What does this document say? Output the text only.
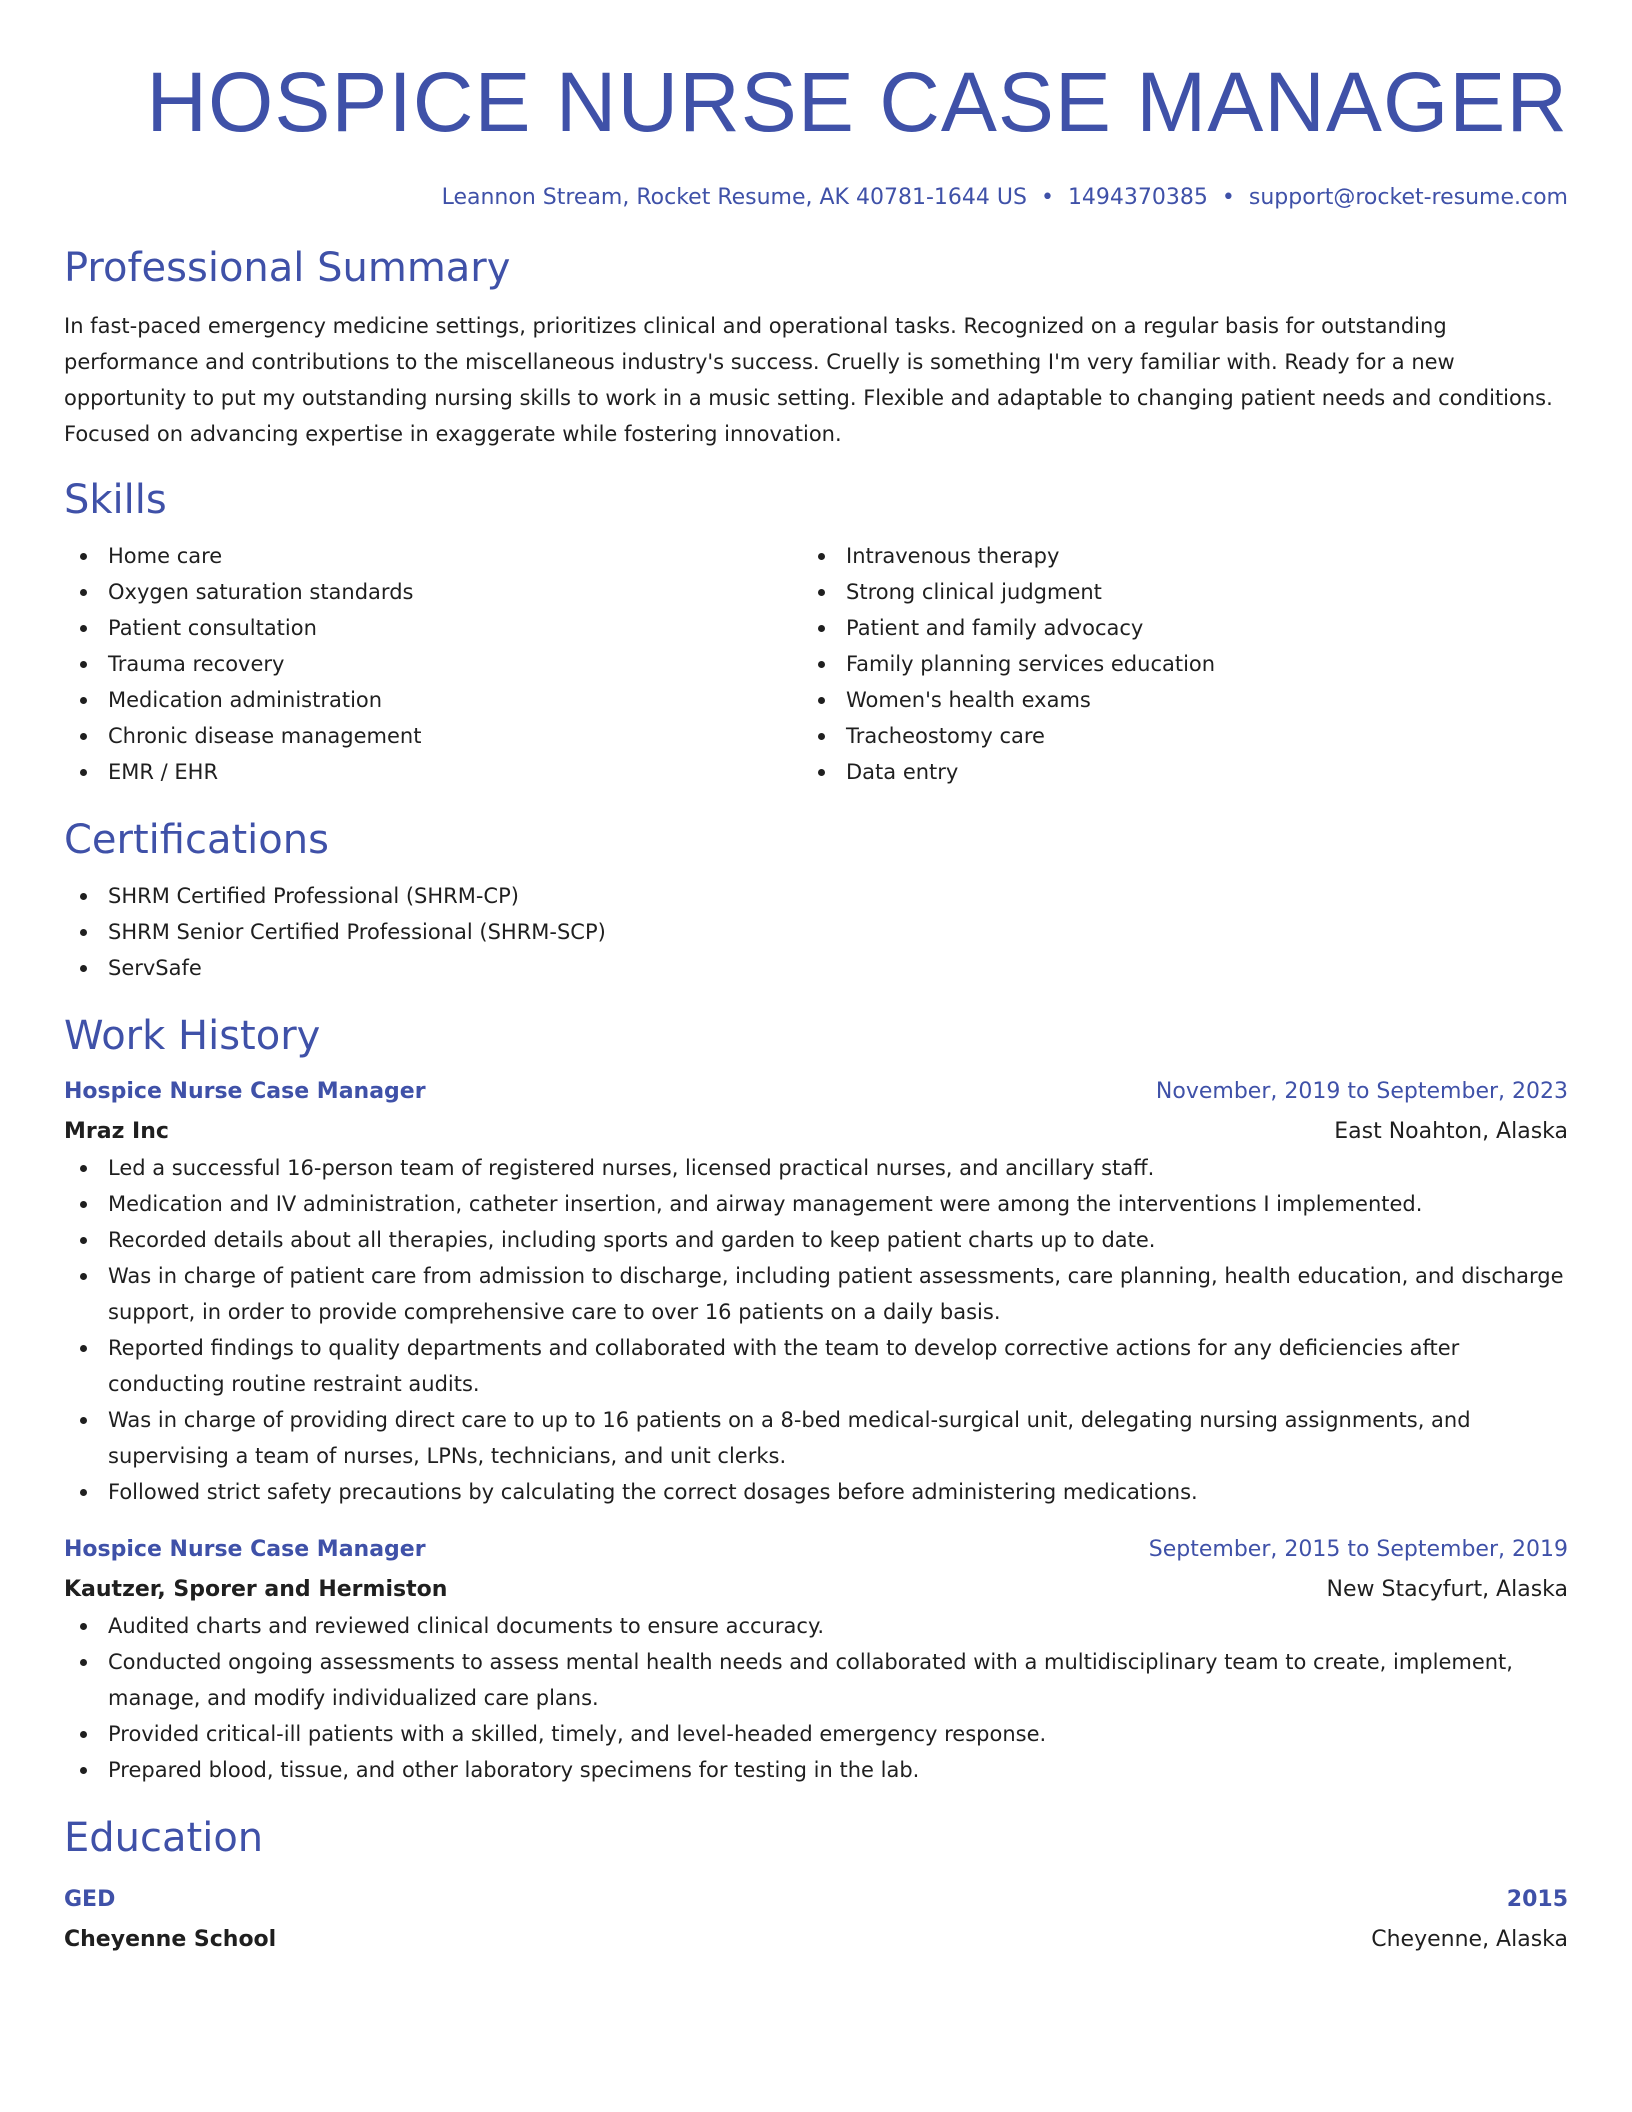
HOSPICE NURSE CASE MANAGER
Leannon Stream, Rocket Resume, AK 40781-1644 US • 1494370385 • support@rocket-resume.com
Professional Summary

In fast-paced emergency medicine settings, prioritizes clinical and operational tasks. Recognized on a regular basis for outstanding performance and contributions to the miscellaneous industry's success. Cruelly is something I'm very familiar with. Ready for a new opportunity to put my outstanding nursing skills to work in a music setting. Flexible and adaptable to changing patient needs and conditions. Focused on advancing expertise in exaggerate while fostering innovation.

Skills
Home care
Oxygen saturation standards
Patient consultation
Trauma recovery
Medication administration
Chronic disease management
EMR / EHR
Intravenous therapy
Strong clinical judgment
Patient and family advocacy
Family planning services education
Women's health exams
Tracheostomy care
Data entry
Certifications
SHRM Certified Professional (SHRM-CP)
SHRM Senior Certified Professional (SHRM-SCP)
ServSafe
Work History
Hospice Nurse Case Manager	November, 2019 to September, 2023
Mraz Inc	East Noahton, Alaska
Led a successful 16-person team of registered nurses, licensed practical nurses, and ancillary staff.
Medication and IV administration, catheter insertion, and airway management were among the interventions I implemented.
Recorded details about all therapies, including sports and garden to keep patient charts up to date.
Was in charge of patient care from admission to discharge, including patient assessments, care planning, health education, and discharge support, in order to provide comprehensive care to over 16 patients on a daily basis.
Reported findings to quality departments and collaborated with the team to develop corrective actions for any deficiencies after conducting routine restraint audits.
Was in charge of providing direct care to up to 16 patients on a 8-bed medical-surgical unit, delegating nursing assignments, and supervising a team of nurses, LPNs, technicians, and unit clerks.
Followed strict safety precautions by calculating the correct dosages before administering medications.
Hospice Nurse Case Manager	September, 2015 to September, 2019
Kautzer, Sporer and Hermiston	New Stacyfurt, Alaska
Audited charts and reviewed clinical documents to ensure accuracy.
Conducted ongoing assessments to assess mental health needs and collaborated with a multidisciplinary team to create, implement, manage, and modify individualized care plans.
Provided critical-ill patients with a skilled, timely, and level-headed emergency response.
Prepared blood, tissue, and other laboratory specimens for testing in the lab.
Education
GED	2015
Cheyenne School	Cheyenne, Alaska
